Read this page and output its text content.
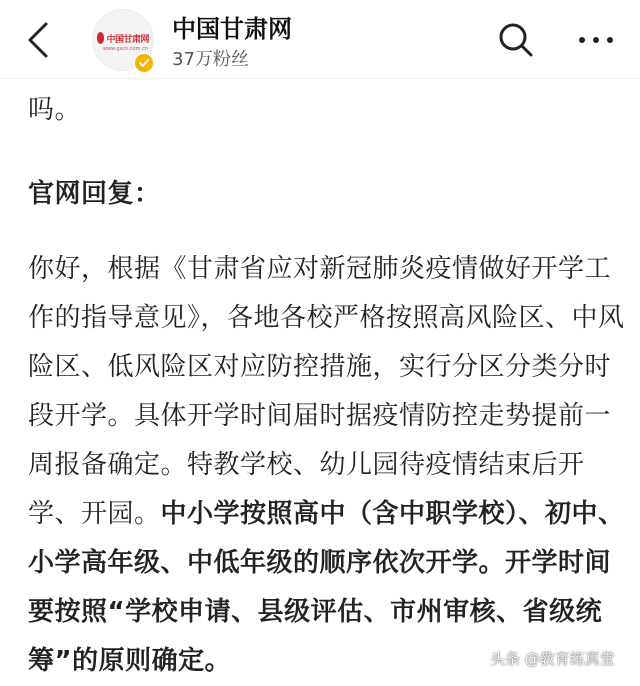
中国甘肃网
www.gscn.com.cn
中国甘肃网
37万粉丝

吗。

官网回复：

你好，根据《甘肃省应对新冠肺炎疫情做好开学工作的指导意见》，各地各校严格按照高风险区、中风险区、低风险区对应防控措施，实行分区分类分时段开学。具体开学时间届时据疫情防控走势提前一周报备确定。特教学校、幼儿园待疫情结束后开学、开园。中小学按照高中（含中职学校）、初中、小学高年级、中低年级的顺序依次开学。开学时间要按照“学校申请、县级评估、市州审核、省级统筹”的原则确定。	头条 @教育练真堂
